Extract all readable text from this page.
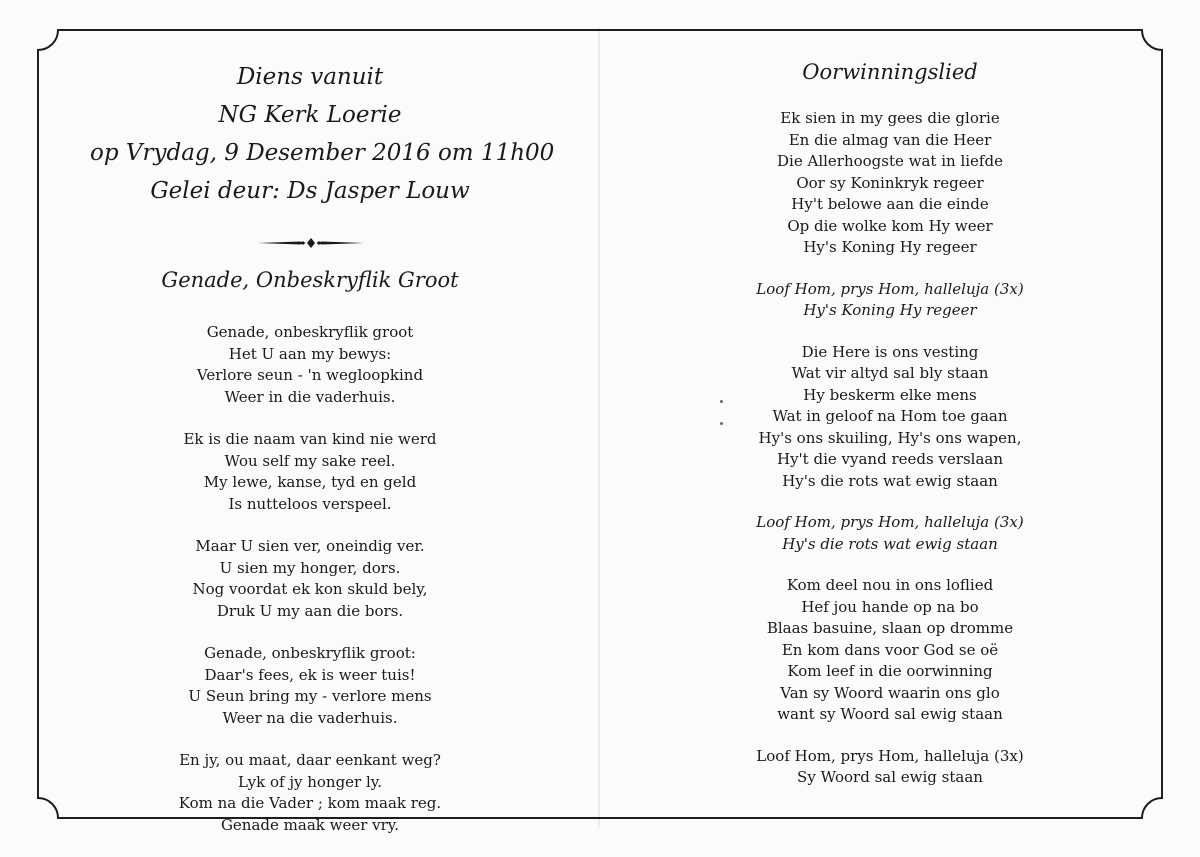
Diens vanuit
NG Kerk Loerie
op Vrydag, 9 Desember 2016 om 11h00
Gelei deur: Ds Jasper Louw
Genade, Onbeskryflik Groot
Genade, onbeskryflik groot
Het U aan my bewys:
Verlore seun - 'n wegloopkind
Weer in die vaderhuis.
Ek is die naam van kind nie werd
Wou self my sake reel.
My lewe, kanse, tyd en geld
Is nutteloos verspeel.
Maar U sien ver, oneindig ver.
U sien my honger, dors.
Nog voordat ek kon skuld bely,
Druk U my aan die bors.
Genade, onbeskryflik groot:
Daar's fees, ek is weer tuis!
U Seun bring my - verlore mens
Weer na die vaderhuis.
En jy, ou maat, daar eenkant weg?
Lyk of jy honger ly.
Kom na die Vader ; kom maak reg.
Genade maak weer vry.
Oorwinningslied
Ek sien in my gees die glorie
En die almag van die Heer
Die Allerhoogste wat in liefde
Oor sy Koninkryk regeer
Hy't belowe aan die einde
Op die wolke kom Hy weer
Hy's Koning Hy regeer
Loof Hom, prys Hom, halleluja (3x)
Hy's Koning Hy regeer
Die Here is ons vesting
Wat vir altyd sal bly staan
Hy beskerm elke mens
Wat in geloof na Hom toe gaan
Hy's ons skuiling, Hy's ons wapen,
Hy't die vyand reeds verslaan
Hy's die rots wat ewig staan
Loof Hom, prys Hom, halleluja (3x)
Hy's die rots wat ewig staan
Kom deel nou in ons loflied
Hef jou hande op na bo
Blaas basuine, slaan op dromme
En kom dans voor God se oë
Kom leef in die oorwinning
Van sy Woord waarin ons glo
want sy Woord sal ewig staan
Loof Hom, prys Hom, halleluja (3x)
Sy Woord sal ewig staan
